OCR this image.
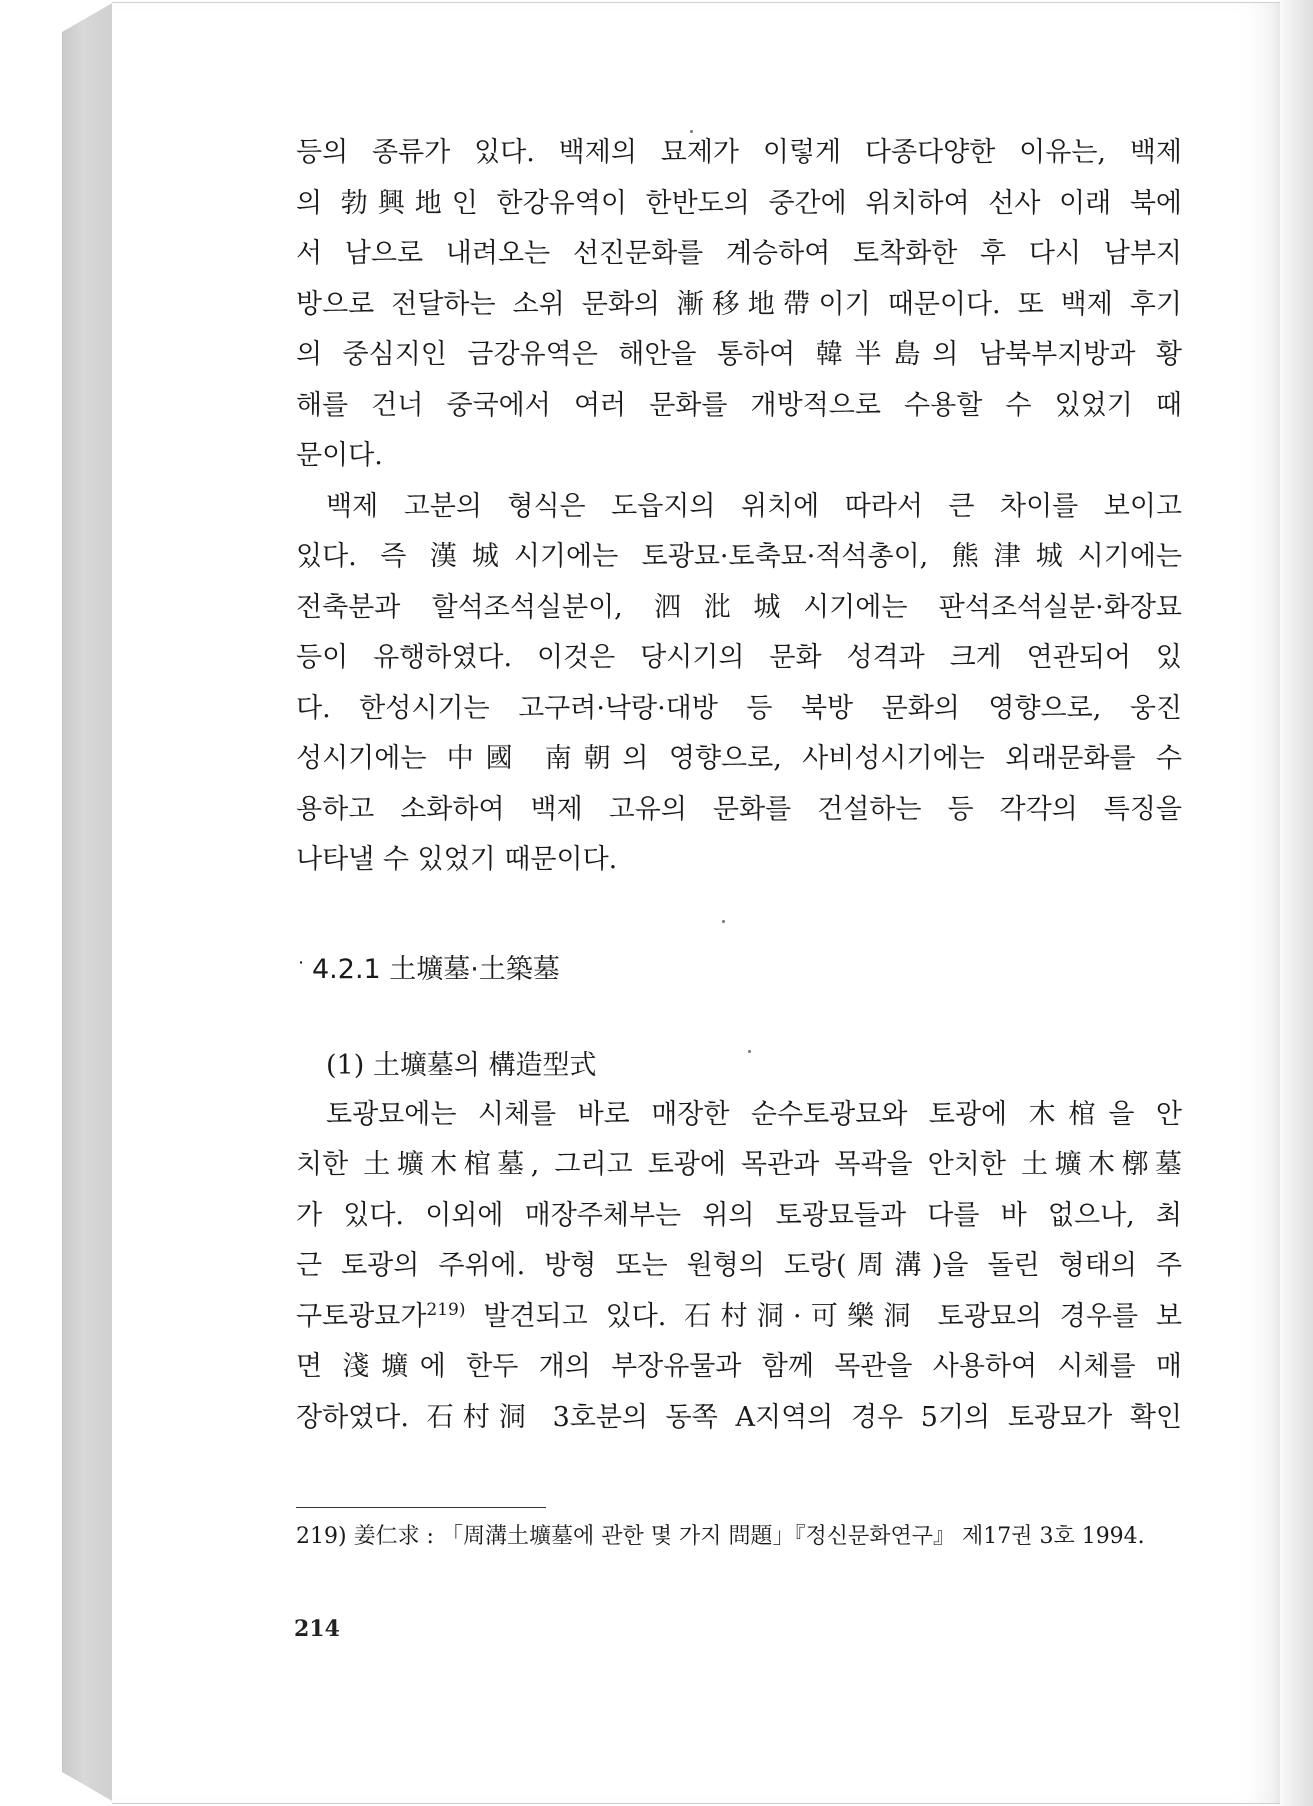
등의 종류가 있다. 백제의 묘제가 이렇게 다종다양한 이유는, 백제
의 勃興地인 한강유역이 한반도의 중간에 위치하여 선사 이래 북에
서 남으로 내려오는 선진문화를 계승하여 토착화한 후 다시 남부지
방으로 전달하는 소위 문화의 漸移地帶이기 때문이다. 또 백제 후기
의 중심지인 금강유역은 해안을 통하여 韓半島의 남북부지방과 황
해를 건너 중국에서 여러 문화를 개방적으로 수용할 수 있었기 때
문이다.
백제 고분의 형식은 도읍지의 위치에 따라서 큰 차이를 보이고
있다. 즉 漢城시기에는 토광묘·토축묘·적석총이, 熊津城시기에는
전축분과 할석조석실분이, 泗沘城시기에는 판석조석실분·화장묘
등이 유행하였다. 이것은 당시기의 문화 성격과 크게 연관되어 있
다. 한성시기는 고구려·낙랑·대방 등 북방 문화의 영향으로, 웅진
성시기에는 中國 南朝의 영향으로, 사비성시기에는 외래문화를 수
용하고 소화하여 백제 고유의 문화를 건설하는 등 각각의 특징을
나타낼 수 있었기 때문이다.
˙ 4.2.1 土壙墓·土築墓
(1) 土壙墓의 構造型式
토광묘에는 시체를 바로 매장한 순수토광묘와 토광에 木棺을 안
치한 土壙木棺墓, 그리고 토광에 목관과 목곽을 안치한 土壙木槨墓
가 있다. 이외에 매장주체부는 위의 토광묘들과 다를 바 없으나, 최
근 토광의 주위에. 방형 또는 원형의 도랑(周溝)을 돌린 형태의 주
구토광묘가$^{219)}$ 발견되고 있다. 石村洞·可樂洞 토광묘의 경우를 보
면 淺壙에 한두 개의 부장유물과 함께 목관을 사용하여 시체를 매
장하였다. 石村洞 3호분의 동쪽 A지역의 경우 5기의 토광묘가 확인
219) 姜仁求 : 「周溝土壙墓에 관한 몇 가지 問題」『정신문화연구』 제17권 3호 1994.
214
